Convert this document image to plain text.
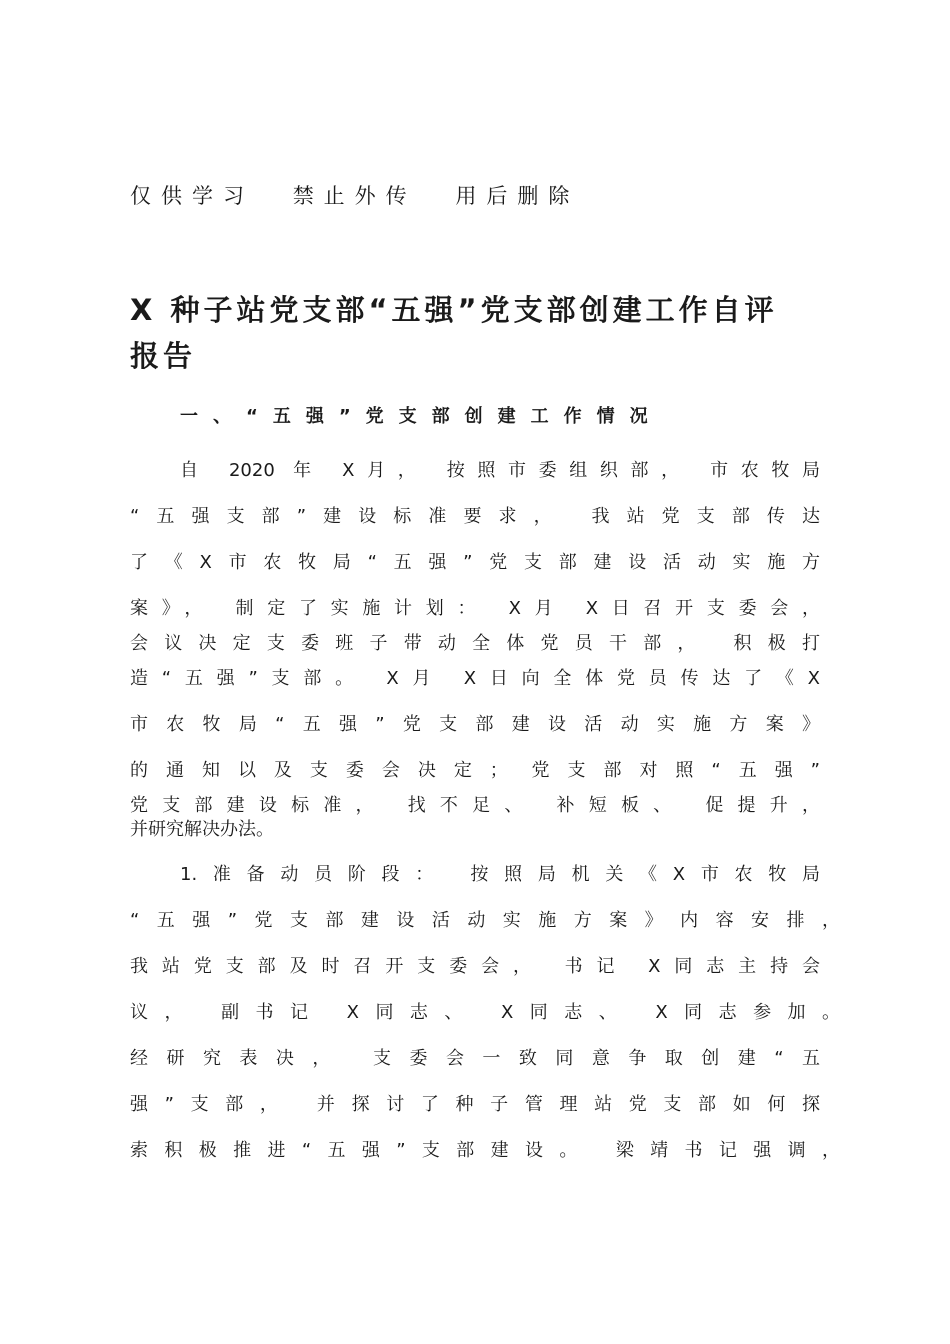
仅供学习 禁止外传 用后删除
X 种子站党支部“五强”党支部创建工作自评
报告
一、“五强”党支部创建工作情况
自 2020 年 X月， 按照市委组织部， 市农牧局
“五强支部”建设标准要求， 我站党支部传达
了《X市农牧局“五强”党支部建设活动实施方
案》， 制定了实施计划： X月 X日召开支委会，
会议决定支委班子带动全体党员干部， 积极打
造“五强”支部。 X月 X日向全体党员传达了《X
市农牧局“五强”党支部建设活动实施方案》
的通知以及支委会决定； 党支部对照“五强”
党支部建设标准， 找不足、 补短板、 促提升，
并研究解决办法。
1.准备动员阶段： 按照局机关《X市农牧局
“五强”党支部建设活动实施方案》内容安排，
我站党支部及时召开支委会， 书记 X同志主持会
议， 副书记 X同志、 X同志、 X同志参加。
经研究表决， 支委会一致同意争取创建“五
强”支部， 并探讨了种子管理站党支部如何探
索积极推进“五强”支部建设。 梁靖书记强调，
